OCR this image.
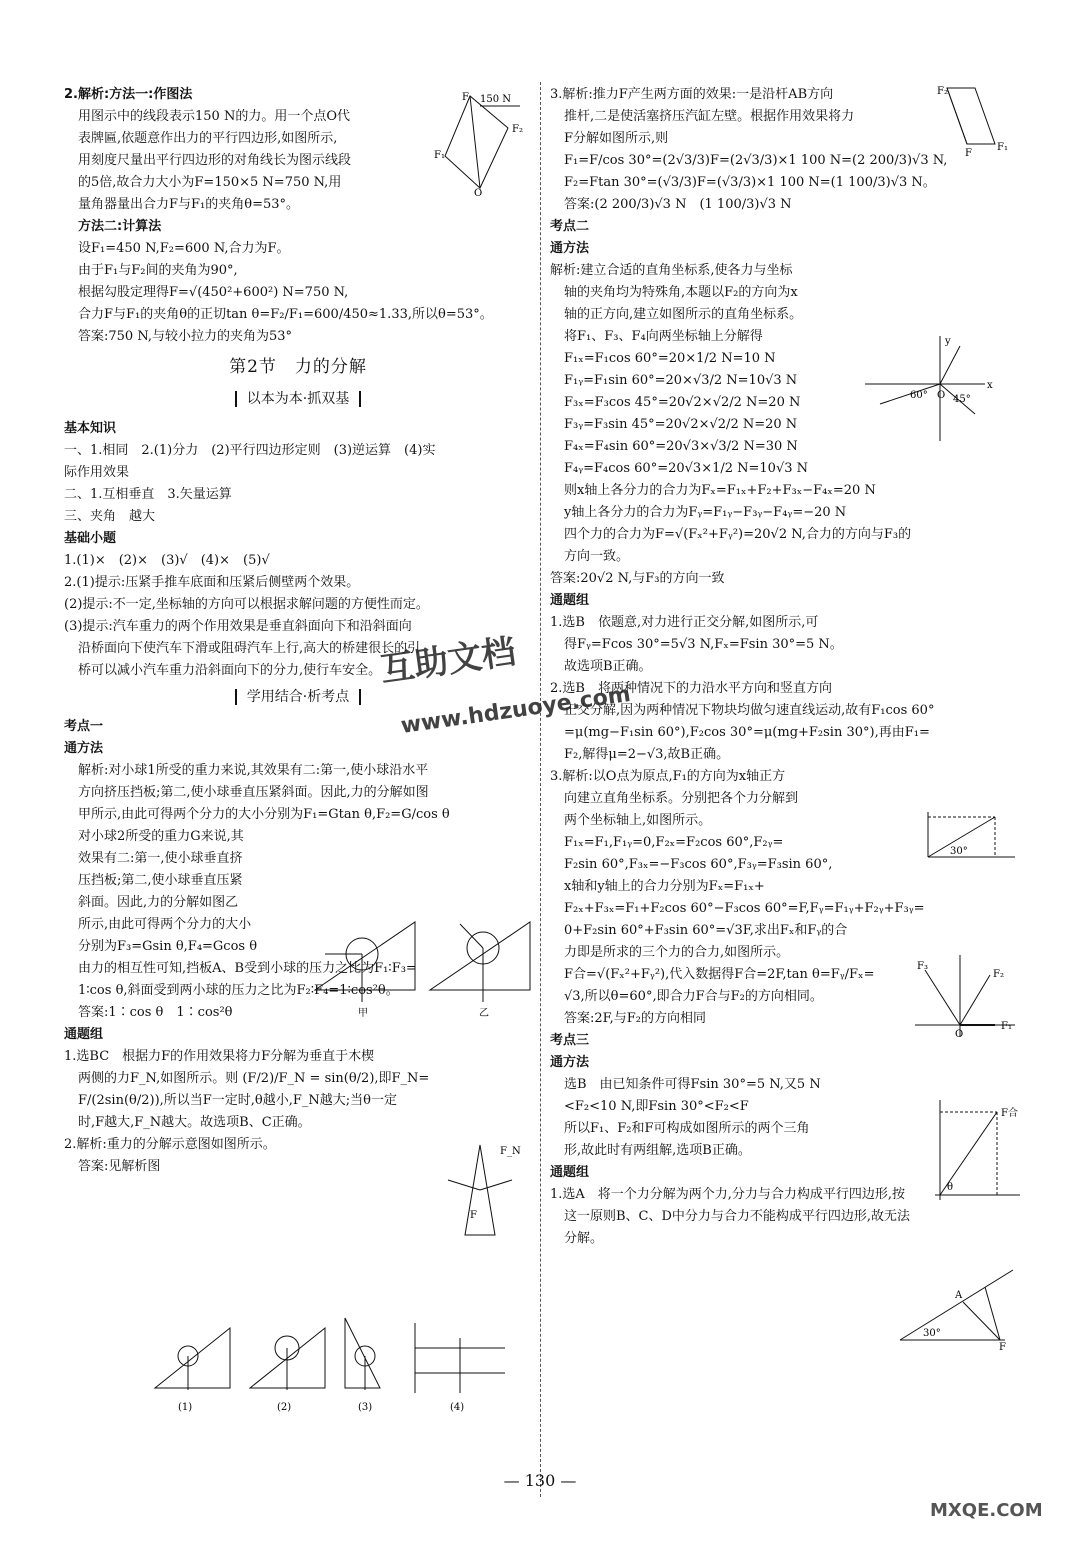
2.解析:方法一:作图法
用图示中的线段表示150 N的力。用一个点O代
表牌匾,依题意作出力的平行四边形,如图所示,
用刻度尺量出平行四边形的对角线长为图示线段
的5倍,故合力大小为F=150×5 N=750 N,用
量角器量出合力F与F₁的夹角θ=53°。
方法二:计算法
设F₁=450 N,F₂=600 N,合力为F。
由于F₁与F₂间的夹角为90°,
根据勾股定理得F=√(450²+600²) N=750 N,
合力F与F₁的夹角θ的正切tan θ=F₂/F₁=600/450≈1.33,所以θ=53°。
答案:750 N,与较小拉力的夹角为53°
第2节　力的分解
以本为本·抓双基
基本知识
一、1.相同　2.(1)分力　(2)平行四边形定则　(3)逆运算　(4)实
际作用效果
二、1.互相垂直　3.矢量运算
三、夹角　越大
基础小题
1.(1)×　(2)×　(3)√　(4)×　(5)√
2.(1)提示:压紧手推车底面和压紧后侧壁两个效果。
(2)提示:不一定,坐标轴的方向可以根据求解问题的方便性而定。
(3)提示:汽车重力的两个作用效果是垂直斜面向下和沿斜面向
沿桥面向下使汽车下滑或阻碍汽车上行,高大的桥建很长的引
桥可以减小汽车重力沿斜面向下的分力,使行车安全。
学用结合·析考点
考点一
通方法
解析:对小球1所受的重力来说,其效果有二:第一,使小球沿水平
方向挤压挡板;第二,使小球垂直压紧斜面。因此,力的分解如图
甲所示,由此可得两个分力的大小分别为F₁=Gtan θ,F₂=G/cos θ
对小球2所受的重力G来说,其
效果有二:第一,使小球垂直挤
压挡板;第二,使小球垂直压紧
斜面。因此,力的分解如图乙
所示,由此可得两个分力的大小
分别为F₃=Gsin θ,F₄=Gcos θ
由力的相互性可知,挡板A、B受到小球的压力之比为F₁∶F₃=
1∶cos θ,斜面受到两小球的压力之比为F₂∶F₄=1∶cos²θ。
答案:1∶cos θ　1∶cos²θ
通题组
1.选BC　根据力F的作用效果将力F分解为垂直于木楔
两侧的力F_N,如图所示。则 (F/2)/F_N = sin(θ/2),即F_N=
F/(2sin(θ/2)),所以当F一定时,θ越小,F_N越大;当θ一定
时,F越大,F_N越大。故选项B、C正确。
2.解析:重力的分解示意图如图所示。
答案:见解析图
3.解析:推力F产生两方面的效果:一是沿杆AB方向
推杆,二是使活塞挤压汽缸左壁。根据作用效果将力
F分解如图所示,则
F₁=F/cos 30°=(2√3/3)F=(2√3/3)×1 100 N=(2 200/3)√3 N,
F₂=Ftan 30°=(√3/3)F=(√3/3)×1 100 N=(1 100/3)√3 N。
答案:(2 200/3)√3 N　(1 100/3)√3 N
考点二
通方法
解析:建立合适的直角坐标系,使各力与坐标
轴的夹角均为特殊角,本题以F₂的方向为x
轴的正方向,建立如图所示的直角坐标系。
将F₁、F₃、F₄向两坐标轴上分解得
F₁ₓ=F₁cos 60°=20×1/2 N=10 N
F₁ᵧ=F₁sin 60°=20×√3/2 N=10√3 N
F₃ₓ=F₃cos 45°=20√2×√2/2 N=20 N
F₃ᵧ=F₃sin 45°=20√2×√2/2 N=20 N
F₄ₓ=F₄sin 60°=20√3×√3/2 N=30 N
F₄ᵧ=F₄cos 60°=20√3×1/2 N=10√3 N
则x轴上各分力的合力为Fₓ=F₁ₓ+F₂+F₃ₓ−F₄ₓ=20 N
y轴上各分力的合力为Fᵧ=F₁ᵧ−F₃ᵧ−F₄ᵧ=−20 N
四个力的合力为F=√(Fₓ²+Fᵧ²)=20√2 N,合力的方向与F₃的
方向一致。
答案:20√2 N,与F₃的方向一致
通题组
1.选B　依题意,对力进行正交分解,如图所示,可
得Fᵧ=Fcos 30°=5√3 N,Fₓ=Fsin 30°=5 N。
故选项B正确。
2.选B　将两种情况下的力沿水平方向和竖直方向
正交分解,因为两种情况下物块均做匀速直线运动,故有F₁cos 60°
=μ(mg−F₁sin 60°),F₂cos 30°=μ(mg+F₂sin 30°),再由F₁=
F₂,解得μ=2−√3,故B正确。
3.解析:以O点为原点,F₁的方向为x轴正方
向建立直角坐标系。分别把各个力分解到
两个坐标轴上,如图所示。
F₁ₓ=F₁,F₁ᵧ=0,F₂ₓ=F₂cos 60°,F₂ᵧ=
F₂sin 60°,F₃ₓ=−F₃cos 60°,F₃ᵧ=F₃sin 60°,
x轴和y轴上的合力分别为Fₓ=F₁ₓ+
F₂ₓ+F₃ₓ=F₁+F₂cos 60°−F₃cos 60°=F,Fᵧ=F₁ᵧ+F₂ᵧ+F₃ᵧ=
0+F₂sin 60°+F₃sin 60°=√3F,求出Fₓ和Fᵧ的合
力即是所求的三个力的合力,如图所示。
F合=√(Fₓ²+Fᵧ²),代入数据得F合=2F,tan θ=Fᵧ/Fₓ=
√3,所以θ=60°,即合力F合与F₂的方向相同。
答案:2F,与F₂的方向相同
考点三
通方法
选B　由已知条件可得Fsin 30°=5 N,又5 N
<F₂<10 N,即Fsin 30°<F₂<F
所以F₁、F₂和F可构成如图所示的两个三角
形,故此时有两组解,选项B正确。
通题组
1.选A　将一个力分解为两个力,分力与合力构成平行四边形,按
这一原则B、C、D中分力与合力不能构成平行四边形,故无法
分解。
150 N
O
F₁
F₂
F
F₂
F
F₁
x
y
O 45°
60°
30°
F₁
F₂
F₃
O
F合
θ
30°
F
A
甲	乙
F_N
F
(1)	(2)	(3)	(4)
互助文档
www.hdzuoye.com
— 130 —
MXQE.COM
